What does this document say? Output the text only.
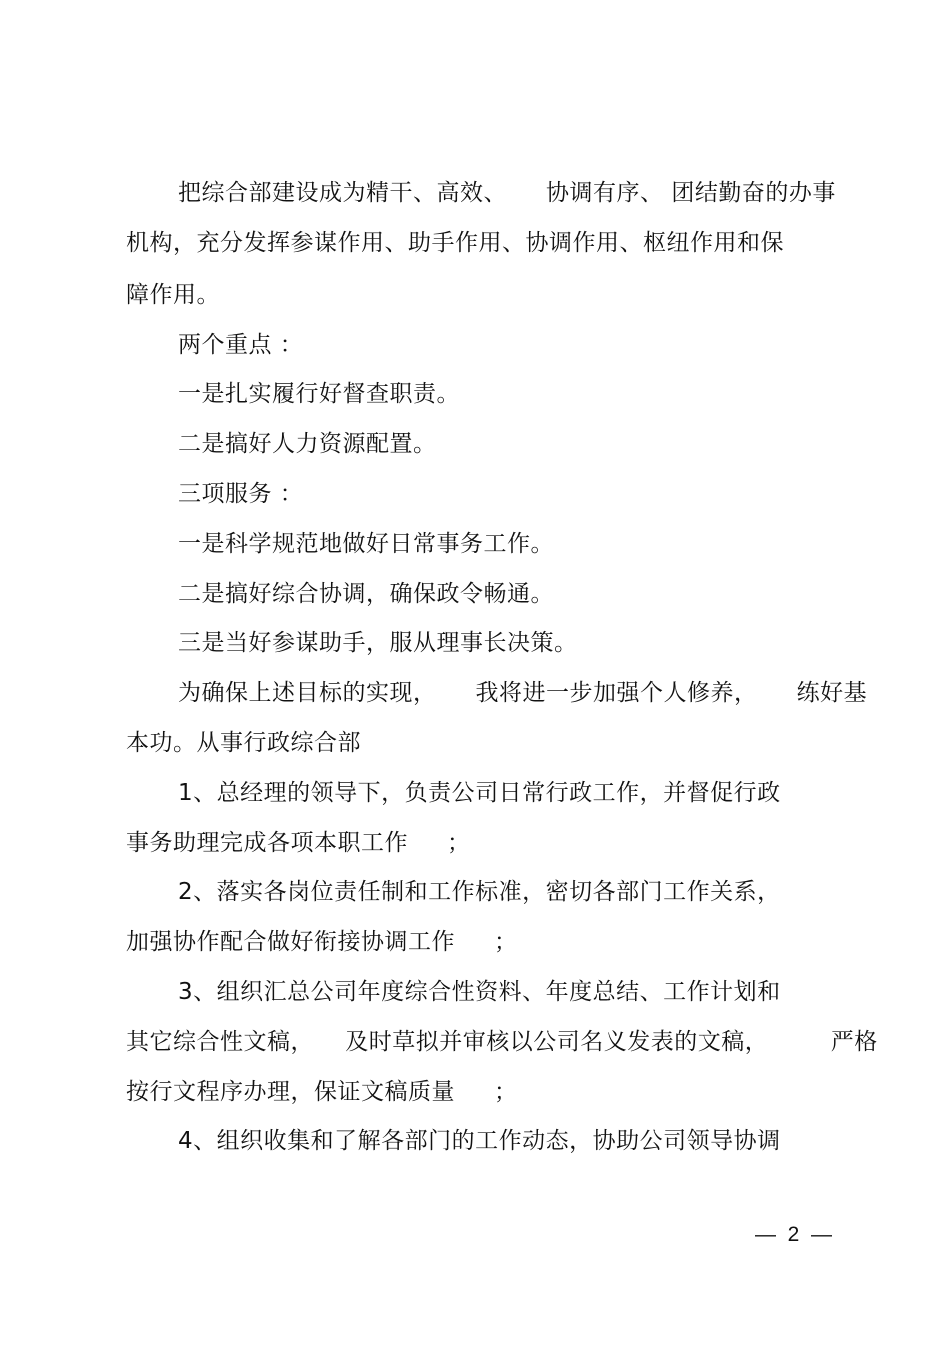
把综合部建设成为精干、高效、     协调有序、 团结勤奋的办事
机构，充分发挥参谋作用、助手作用、协调作用、枢纽作用和保
障作用。
两个重点 ：
一是扎实履行好督查职责。
二是搞好人力资源配置。
三项服务 ：
一是科学规范地做好日常事务工作。
二是搞好综合协调，确保政令畅通。
三是当好参谋助手，服从理事长决策。
为确保上述目标的实现，     我将进一步加强个人修养，     练好基
本功。从事行政综合部
1、总经理的领导下，负责公司日常行政工作，并督促行政
事务助理完成各项本职工作     ；
2、落实各岗位责任制和工作标准，密切各部门工作关系，
加强协作配合做好衔接协调工作     ；
3、组织汇总公司年度综合性资料、年度总结、工作计划和
其它综合性文稿，    及时草拟并审核以公司名义发表的文稿，        严格
按行文程序办理，保证文稿质量     ；
4、组织收集和了解各部门的工作动态，协助公司领导协调
—  2  —
